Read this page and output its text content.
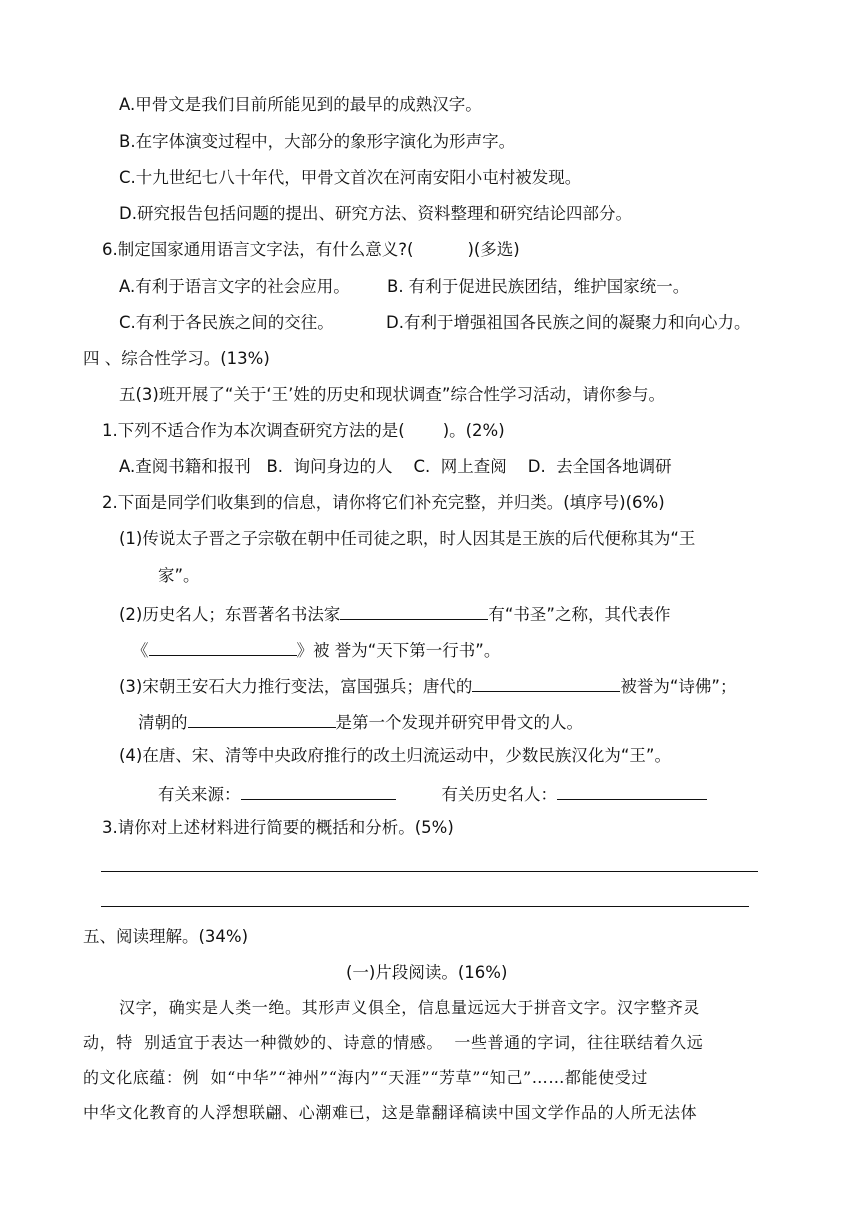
A.甲骨文是我们目前所能见到的最早的成熟汉字。
B.在字体演变过程中，大部分的象形字演化为形声字。
C.十九世纪七八十年代，甲骨文首次在河南安阳小屯村被发现。
D.研究报告包括问题的提出、研究方法、资料整理和研究结论四部分。
6.制定国家通用语言文字法，有什么意义?(	)(多选)
A.有利于语言文字的社会应用。 B. 有利于促进民族团结，维护国家统一。
C.有利于各民族之间的交往。	D.有利于增强祖国各民族之间的凝聚力和向心力。
四 、综合性学习。(13%)
五(3)班开展了“关于‘王’姓的历史和现状调查”综合性学习活动，请你参与。
1.下列不适合作为本次调查研究方法的是( )。(2%)
A.查阅书籍和报刊   B.  询问身边的人    C.  网上查阅    D.  去全国各地调研
2.下面是同学们收集到的信息，请你将它们补充完整，并归类。(填序号)(6%)
(1)传说太子晋之子宗敬在朝中任司徒之职，时人因其是王族的后代便称其为“王
家”。
(2)历史名人；东晋著名书法家	有“书圣”之称，其代表作
《	》被 誉为“天下第一行书”。
(3)宋朝王安石大力推行变法，富国强兵；唐代的	被誉为“诗佛”；
清朝的	是第一个发现并研究甲骨文的人。
(4)在唐、宋、清等中央政府推行的改土归流运动中，少数民族汉化为“王”。
有关来源：	有关历史名人：
3.请你对上述材料进行简要的概括和分析。(5%)
五、阅读理解。(34%)
(一)片段阅读。(16%)
汉字，确实是人类一绝。其形声义俱全，信息量远远大于拼音文字。汉字整齐灵
动，特  别适宜于表达一种微妙的、诗意的情感。  一些普通的字词，往往联结着久远
的文化底蕴：例  如“中华”“神州”“海内”“天涯”“芳草”“知己”……都能使受过
中华文化教育的人浮想联翩、心潮难已，这是靠翻译稿读中国文学作品的人所无法体
